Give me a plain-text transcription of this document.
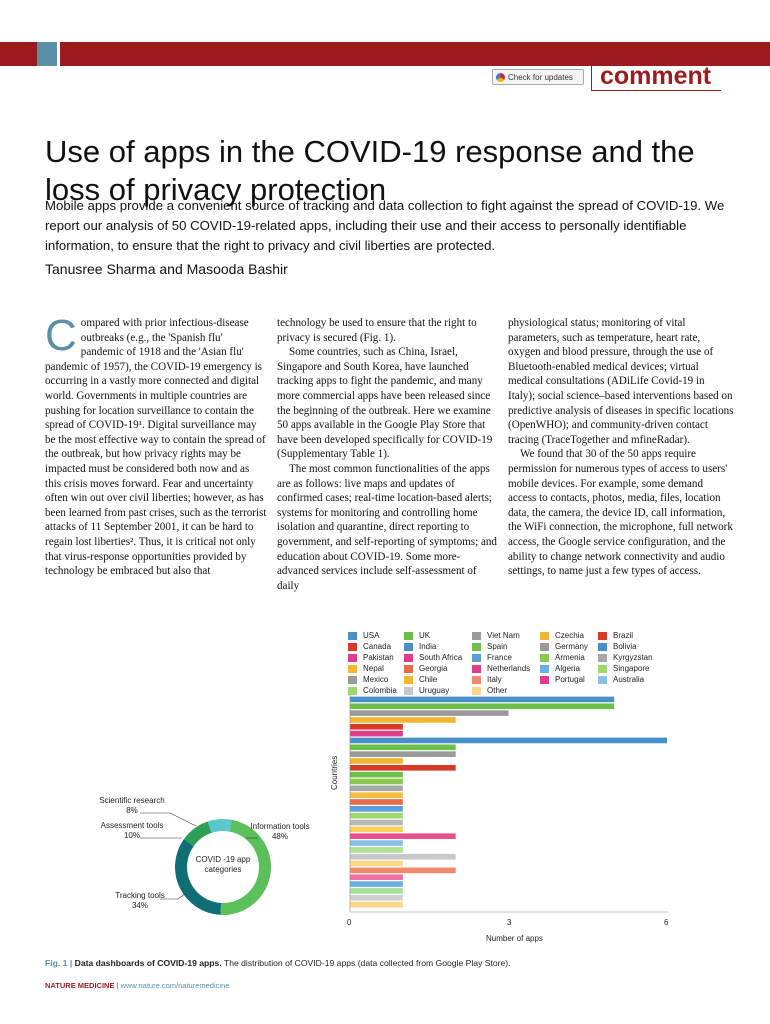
Check for updates comment
Use of apps in the COVID-19 response and the loss of privacy protection
Mobile apps provide a convenient source of tracking and data collection to fight against the spread of COVID-19. We report our analysis of 50 COVID-19-related apps, including their use and their access to personally identifiable information, to ensure that the right to privacy and civil liberties are protected.
Tanusree Sharma and Masooda Bashir

Compared with prior infectious-disease outbreaks (e.g., the 'Spanish flu' pandemic of 1918 and the 'Asian flu' pandemic of 1957), the COVID-19 emergency is occurring in a vastly more connected and digital world. Governments in multiple countries are pushing for location surveillance to contain the spread of COVID-19¹. Digital surveillance may be the most effective way to contain the spread of the outbreak, but how privacy rights may be impacted must be considered both now and as this crisis moves forward. Fear and uncertainty often win out over civil liberties; however, as has been learned from past crises, such as the terrorist attacks of 11 September 2001, it can be hard to regain lost liberties². Thus, it is critical not only that virus-response opportunities provided by technology be embraced but also that

technology be used to ensure that the right to privacy is secured (Fig. 1).

Some countries, such as China, Israel, Singapore and South Korea, have launched tracking apps to fight the pandemic, and many more commercial apps have been released since the beginning of the outbreak. Here we examine 50 apps available in the Google Play Store that have been developed specifically for COVID-19 (Supplementary Table 1).

The most common functionalities of the apps are as follows: live maps and updates of confirmed cases; real-time location-based alerts; systems for monitoring and controlling home isolation and quarantine, direct reporting to government, and self-reporting of symptoms; and education about COVID-19. Some more-advanced services include self-assessment of daily

physiological status; monitoring of vital parameters, such as temperature, heart rate, oxygen and blood pressure, through the use of Bluetooth-enabled medical devices; virtual medical consultations (ADiLife Covid-19 in Italy); social science–based interventions based on predictive analysis of diseases in specific locations (OpenWHO); and community-driven contact tracing (TraceTogether and mfineRadar).

We found that 30 of the 50 apps require permission for numerous types of access to users' mobile devices. For example, some demand access to contacts, photos, media, files, location data, the camera, the device ID, call information, the WiFi connection, the microphone, full network access, the Google service configuration, and the ability to change network connectivity and audio settings, to name just a few types of access.

USA
Canada
Pakistan
Nepal
Mexico
Colombia
UK
India
South Africa
Georgia
Chile
Uruguay
Viet Nam
Spain
France
Netherlands
Italy
Other
Czechia
Germany
Armenia
Algeria
Portugal
Brazil
Bolivia
Kyrgyzstan
Singapore
Australia
Countries
0	3	6
Number of apps
COVID -19 app categories
Scientific research
8%
Assessment tools
10%
Information tools
48%
Tracking tools
34%
Fig. 1 | Data dashboards of COVID-19 apps. The distribution of COVID-19 apps (data collected from Google Play Store).
NATURE MEDICINE | www.nature.com/naturemedicine
